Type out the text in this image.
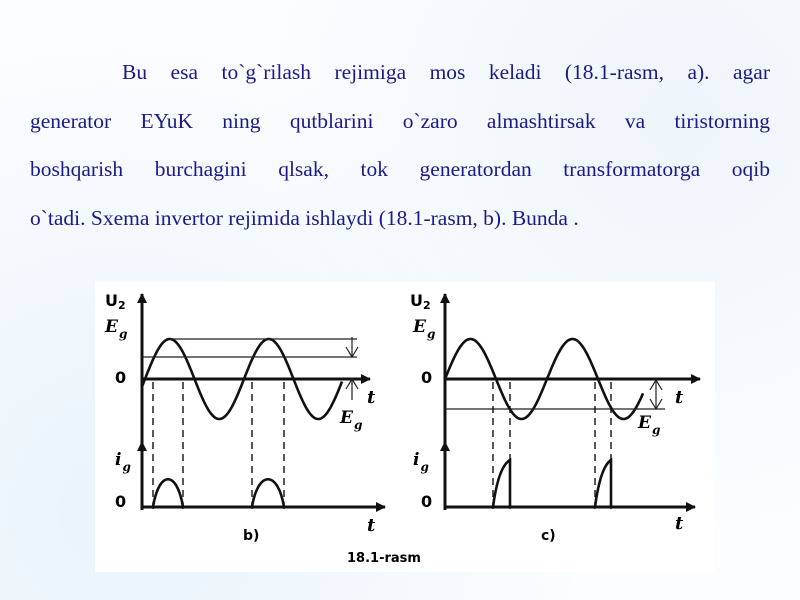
Bu esa to`g`rilash rejimiga mos keladi (18.1-rasm, a). agar
generator EYuK ning qutblarini o`zaro almashtirsak va tiristorning
boshqarish burchagini qlsak, tok generatordan transformatorga oqib
o`tadi. Sxema invertor rejimida ishlaydi (18.1-rasm, b). Bunda .
U2
$E_g$
0
t
$E_g$
$i_g$
0
t
b)
U2
$E_g$
0
t
$E_g$
$i_g$
0
t
c)
18.1-rasm
